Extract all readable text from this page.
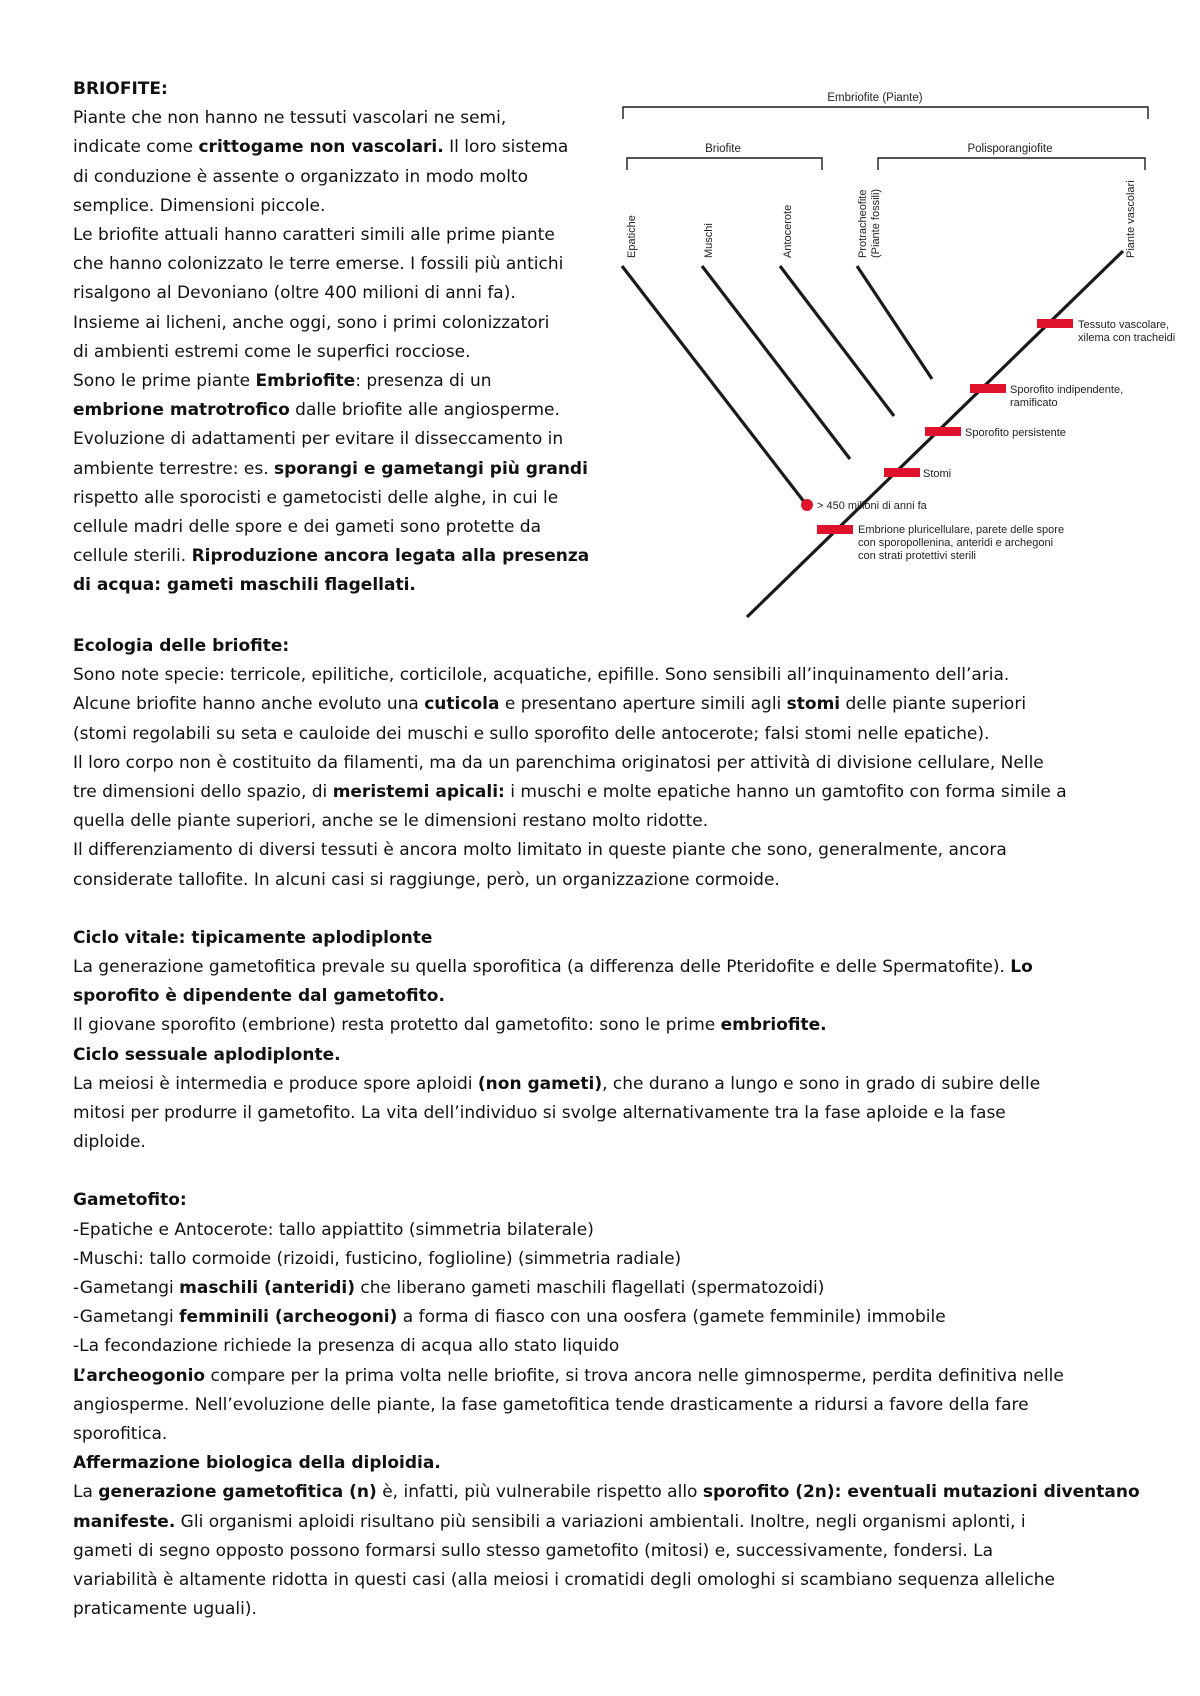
BRIOFITE:

Piante che non hanno ne tessuti vascolari ne semi,

indicate come crittogame non vascolari. Il loro sistema

di conduzione è assente o organizzato in modo molto

semplice. Dimensioni piccole.

Le briofite attuali hanno caratteri simili alle prime piante

che hanno colonizzato le terre emerse. I fossili più antichi

risalgono al Devoniano (oltre 400 milioni di anni fa).

Insieme ai licheni, anche oggi, sono i primi colonizzatori

di ambienti estremi come le superfici rocciose.

Sono le prime piante Embriofite: presenza di un

embrione matrotrofico dalle briofite alle angiosperme.

Evoluzione di adattamenti per evitare il disseccamento in

ambiente terrestre: es. sporangi e gametangi più grandi

rispetto alle sporocisti e gametocisti delle alghe, in cui le

cellule madri delle spore e dei gameti sono protette da

cellule sterili. Riproduzione ancora legata alla presenza

di acqua: gameti maschili flagellati.

Embriofite (Piante)
Briofite	Polisporangiofite
Epatiche	Muschi	Antocerote	Protracheofite (Piante fossili)	Piante vascolari
Tessuto vascolare, xilema con tracheidi
Sporofito indipendente, ramificato
Sporofito persistente
Stomi
> 450 milioni di anni fa
Embrione pluricellulare, parete delle spore con sporopollenina, anteridi e archegoni con strati protettivi sterili

Ecologia delle briofite:

Sono note specie: terricole, epilitiche, corticilole, acquatiche, epifille. Sono sensibili all’inquinamento dell’aria.

Alcune briofite hanno anche evoluto una cuticola e presentano aperture simili agli stomi delle piante superiori

(stomi regolabili su seta e cauloide dei muschi e sullo sporofito delle antocerote; falsi stomi nelle epatiche).

Il loro corpo non è costituito da filamenti, ma da un parenchima originatosi per attività di divisione cellulare, Nelle

tre dimensioni dello spazio, di meristemi apicali: i muschi e molte epatiche hanno un gamtofito con forma simile a

quella delle piante superiori, anche se le dimensioni restano molto ridotte.

Il differenziamento di diversi tessuti è ancora molto limitato in queste piante che sono, generalmente, ancora

considerate tallofite. In alcuni casi si raggiunge, però, un organizzazione cormoide.

Ciclo vitale: tipicamente aplodiplonte

La generazione gametofitica prevale su quella sporofitica (a differenza delle Pteridofite e delle Spermatofite). Lo

sporofito è dipendente dal gametofito.

Il giovane sporofito (embrione) resta protetto dal gametofito: sono le prime embriofite.

Ciclo sessuale aplodiplonte.

La meiosi è intermedia e produce spore aploidi (non gameti), che durano a lungo e sono in grado di subire delle

mitosi per produrre il gametofito. La vita dell’individuo si svolge alternativamente tra la fase aploide e la fase

diploide.

Gametofito:

-Epatiche e Antocerote: tallo appiattito (simmetria bilaterale)

-Muschi: tallo cormoide (rizoidi, fusticino, foglioline) (simmetria radiale)

-Gametangi maschili (anteridi) che liberano gameti maschili flagellati (spermatozoidi)

-Gametangi femminili (archeogoni) a forma di fiasco con una oosfera (gamete femminile) immobile

-La fecondazione richiede la presenza di acqua allo stato liquido

L’archeogonio compare per la prima volta nelle briofite, si trova ancora nelle gimnosperme, perdita definitiva nelle

angiosperme. Nell’evoluzione delle piante, la fase gametofitica tende drasticamente a ridursi a favore della fare

sporofitica.

Affermazione biologica della diploidia.

La generazione gametofitica (n) è, infatti, più vulnerabile rispetto allo sporofito (2n): eventuali mutazioni diventano

manifeste. Gli organismi aploidi risultano più sensibili a variazioni ambientali. Inoltre, negli organismi aplonti, i

gameti di segno opposto possono formarsi sullo stesso gametofito (mitosi) e, successivamente, fondersi. La

variabilità è altamente ridotta in questi casi (alla meiosi i cromatidi degli omologhi si scambiano sequenza alleliche

praticamente uguali).
